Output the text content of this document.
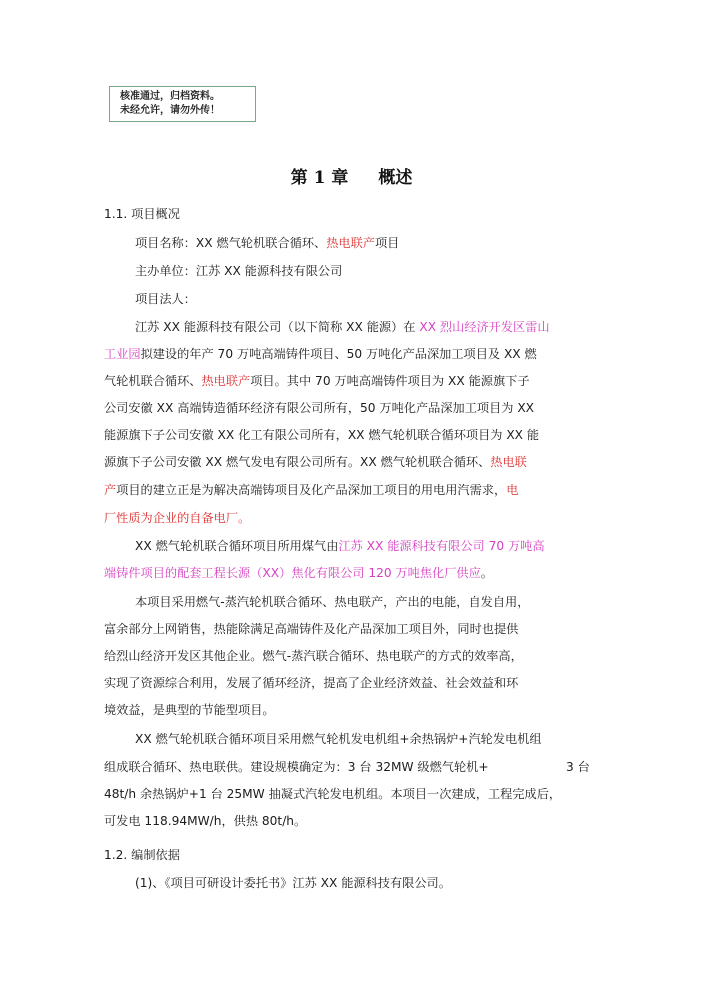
核准通过，归档资料。
未经允许，请勿外传！
第 1 章 概述
1.1. 项目概况
项目名称：XX 燃气轮机联合循环、热电联产项目
主办单位：江苏 XX 能源科技有限公司
项目法人：
江苏 XX 能源科技有限公司（以下简称 XX 能源）在 XX 烈山经济开发区雷山
工业园拟建设的年产 70 万吨高端铸件项目、50 万吨化产品深加工项目及 XX 燃
气轮机联合循环、热电联产项目。其中 70 万吨高端铸件项目为 XX 能源旗下子
公司安徽 XX 高端铸造循环经济有限公司所有，50 万吨化产品深加工项目为 XX
能源旗下子公司安徽 XX 化工有限公司所有，XX 燃气轮机联合循环项目为 XX 能
源旗下子公司安徽 XX 燃气发电有限公司所有。XX 燃气轮机联合循环、热电联
产项目的建立正是为解决高端铸项目及化产品深加工项目的用电用汽需求，电
厂性质为企业的自备电厂。
XX 燃气轮机联合循环项目所用煤气由江苏 XX 能源科技有限公司 70 万吨高
端铸件项目的配套工程长源（XX）焦化有限公司 120 万吨焦化厂供应。
本项目采用燃气-蒸汽轮机联合循环、热电联产，产出的电能，自发自用，
富余部分上网销售，热能除满足高端铸件及化产品深加工项目外，同时也提供
给烈山经济开发区其他企业。燃气-蒸汽联合循环、热电联产的方式的效率高，
实现了资源综合利用，发展了循环经济，提高了企业经济效益、社会效益和环
境效益，是典型的节能型项目。
XX 燃气轮机联合循环项目采用燃气轮机发电机组+余热锅炉+汽轮发电机组
组成联合循环、热电联供。建设规模确定为：3 台 32MW 级燃气轮机+	3 台
48t/h 余热锅炉+1 台 25MW 抽凝式汽轮发电机组。本项目一次建成，工程完成后，
可发电 118.94MW/h，供热 80t/h。
1.2. 编制依据
(1)、《项目可研设计委托书》江苏 XX 能源科技有限公司。
